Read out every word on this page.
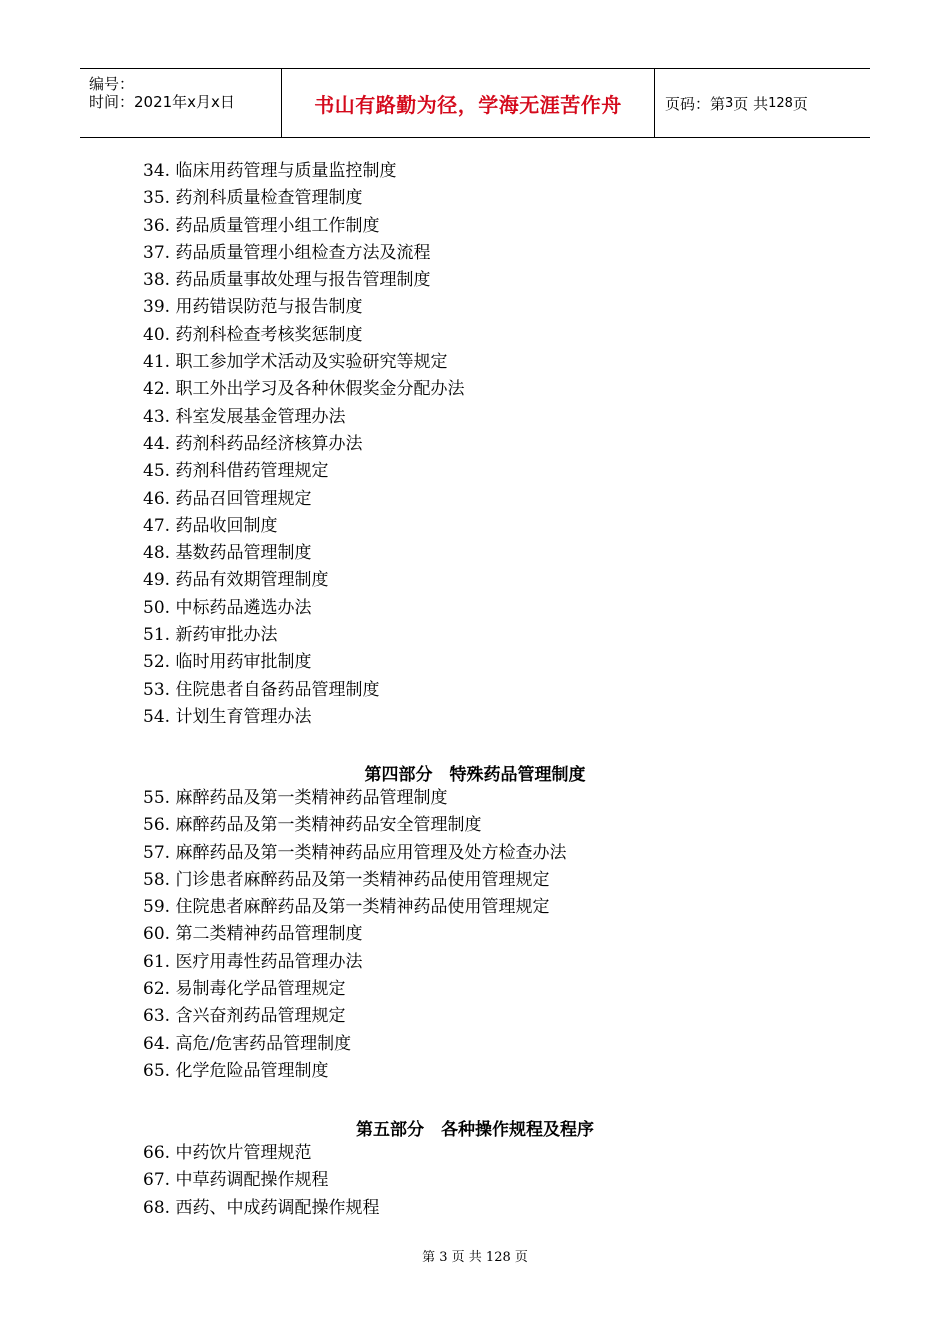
编号：
时间：2021年x月x日	书山有路勤为径，学海无涯苦作舟	页码：第 3 页 共 128 页
34. 临床用药管理与质量监控制度
35. 药剂科质量检查管理制度
36. 药品质量管理小组工作制度
37. 药品质量管理小组检查方法及流程
38. 药品质量事故处理与报告管理制度
39. 用药错误防范与报告制度
40. 药剂科检查考核奖惩制度
41. 职工参加学术活动及实验研究等规定
42. 职工外出学习及各种休假奖金分配办法
43. 科室发展基金管理办法
44. 药剂科药品经济核算办法
45. 药剂科借药管理规定
46. 药品召回管理规定
47. 药品收回制度
48. 基数药品管理制度
49. 药品有效期管理制度
50. 中标药品遴选办法
51. 新药审批办法
52. 临时用药审批制度
53. 住院患者自备药品管理制度
54. 计划生育管理办法
第四部分　特殊药品管理制度
55. 麻醉药品及第一类精神药品管理制度
56. 麻醉药品及第一类精神药品安全管理制度
57. 麻醉药品及第一类精神药品应用管理及处方检查办法
58. 门诊患者麻醉药品及第一类精神药品使用管理规定
59. 住院患者麻醉药品及第一类精神药品使用管理规定
60. 第二类精神药品管理制度
61. 医疗用毒性药品管理办法
62. 易制毒化学品管理规定
63. 含兴奋剂药品管理规定
64. 高危/危害药品管理制度
65. 化学危险品管理制度
第五部分　各种操作规程及程序
66. 中药饮片管理规范
67. 中草药调配操作规程
68. 西药、中成药调配操作规程
第 3 页 共 128 页
